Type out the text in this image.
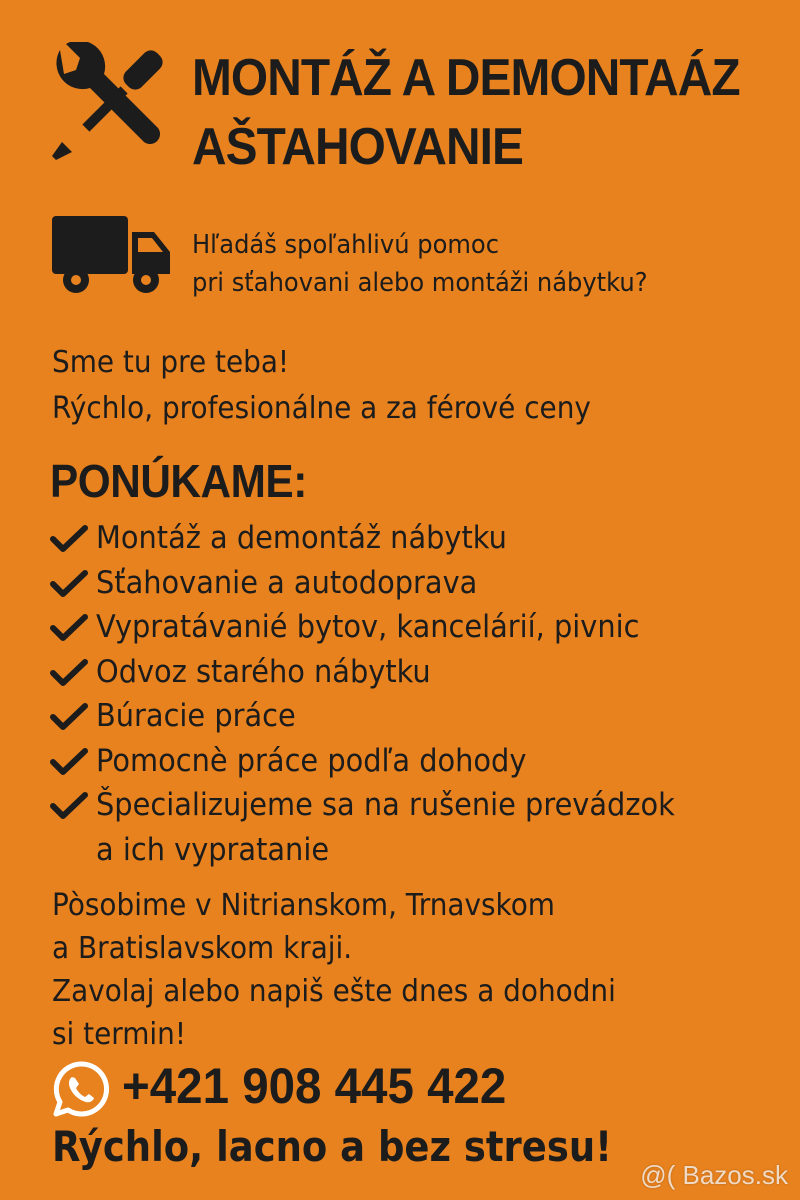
MONTÁŽ A DEMONTAÁZ
AŠTAHOVANIE
Hľadáš spoľahlivú pomoc
pri sťahovani alebo montáži nábytku?
Sme tu pre teba!
Rýchlo, profesionálne a za férové ceny
PONÚKAME:
Montáž a demontáž nábytku
Sťahovanie a autodoprava
Vypratávanié bytov, kancelárií, pivnic
Odvoz starého nábytku
Búracie práce
Pomocnè práce podľa dohody
Špecializujeme sa na rušenie prevádzok
a ich vypratanie
Pòsobime v Nitrianskom, Trnavskom
a Bratislavskom kraji.
Zavolaj alebo napiš ešte dnes a dohodni
si termin!
+421 908 445 422
Rýchlo, lacno a bez stresu!
@( Bazos.sk
